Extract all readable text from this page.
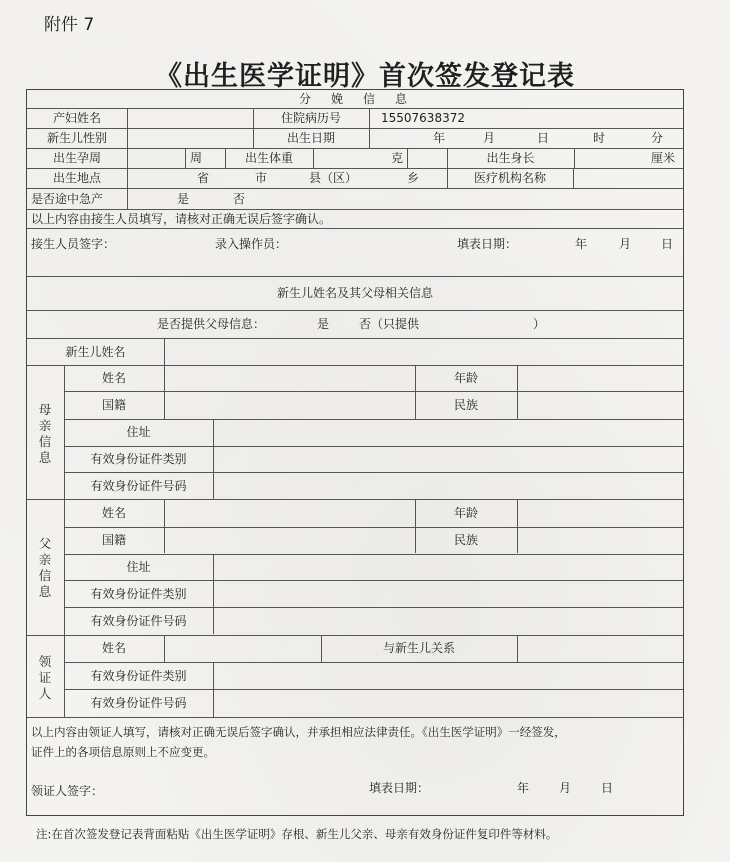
附件 7
《出生医学证明》首次签发登记表
分　娩　信　息
产妇姓名	住院病历号	15507638372
新生儿性别	出生日期	年	月	日	时	分
出生孕周	周	出生体重	克	出生身长	厘米
出生地点	省	市	县（区）	乡	医疗机构名称
是否途中急产	是	否
以上内容由接生人员填写，请核对正确无误后签字确认。
接生人员签字：	录入操作员：	填表日期：	年	月 日
新生儿姓名及其父母相关信息
是否提供父母信息：	是 否（只提供	）
新生儿姓名
母亲信息
姓名	年龄
国籍	民族
住址
有效身份证件类别
有效身份证件号码
父亲信息
姓名	年龄
国籍	民族
住址
有效身份证件类别
有效身份证件号码
领证人
姓名	与新生儿关系
有效身份证件类别
有效身份证件号码
以上内容由领证人填写，请核对正确无误后签字确认，并承担相应法律责任。《出生医学证明》一经签发，
证件上的各项信息原则上不应变更。
领证人签字：	填表日期：	年 月 日
注:在首次签发登记表背面粘贴《出生医学证明》存根、新生儿父亲、母亲有效身份证件复印件等材料。
